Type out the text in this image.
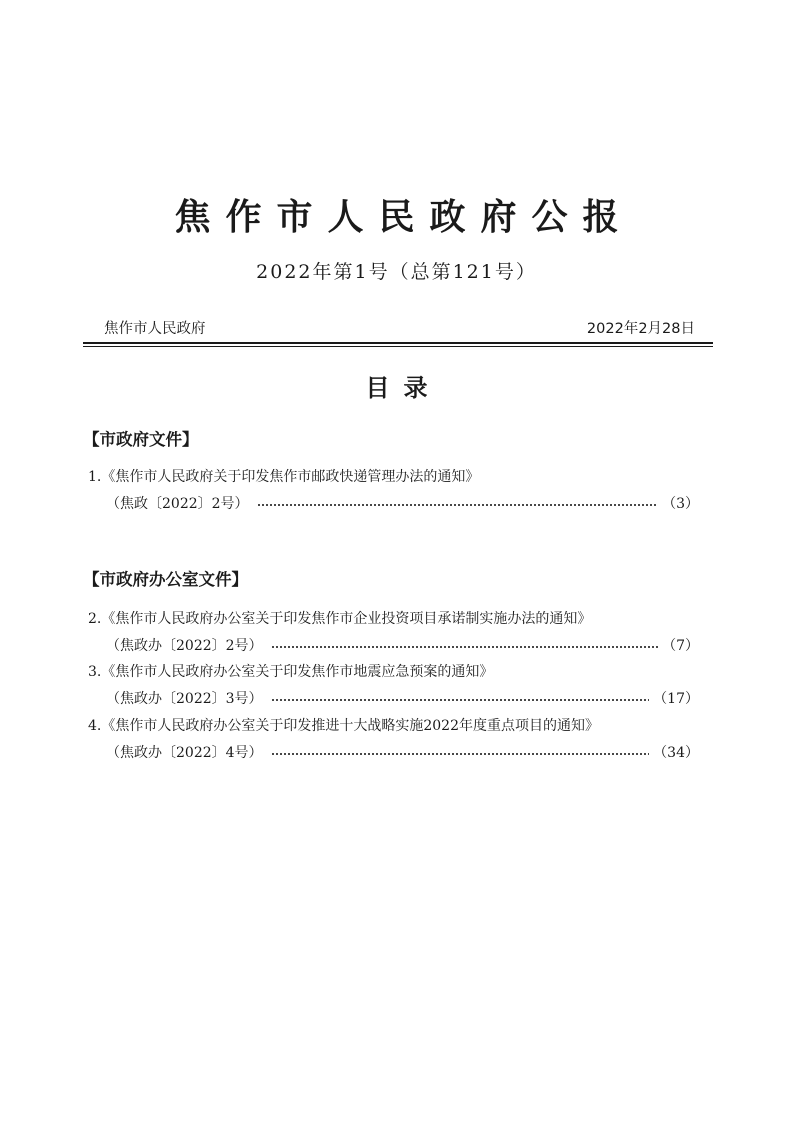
焦作市人民政府公报
2022年第1号（总第121号）
焦作市人民政府	2022年2月28日
目录
【市政府文件】
1.《焦作市人民政府关于印发焦作市邮政快递管理办法的通知》
（焦政〔2022〕2号）	（3）
【市政府办公室文件】
2.《焦作市人民政府办公室关于印发焦作市企业投资项目承诺制实施办法的通知》
（焦政办〔2022〕2号）	（7）
3.《焦作市人民政府办公室关于印发焦作市地震应急预案的通知》
（焦政办〔2022〕3号）	（17）
4.《焦作市人民政府办公室关于印发推进十大战略实施2022年度重点项目的通知》
（焦政办〔2022〕4号）	（34）
